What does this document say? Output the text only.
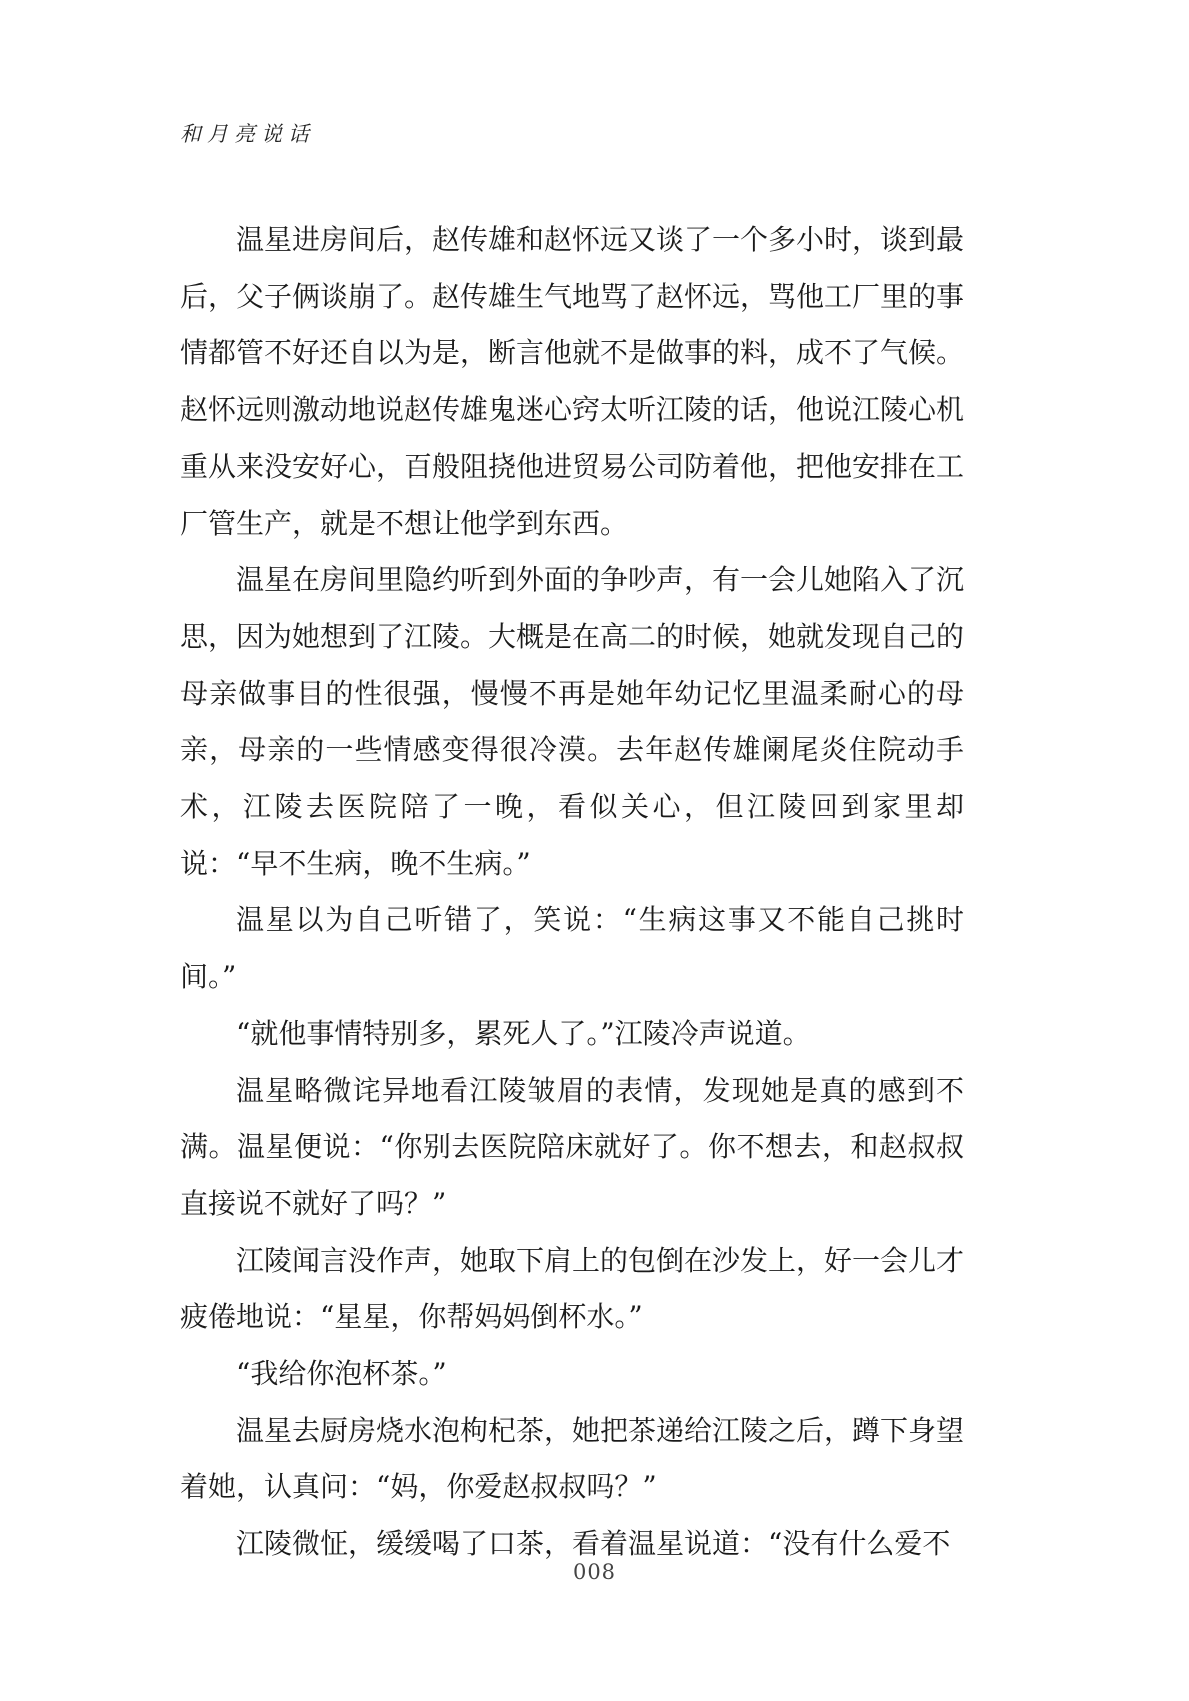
和月亮说话

温星进房间后，赵传雄和赵怀远又谈了一个多小时，谈到最后，父子俩谈崩了。赵传雄生气地骂了赵怀远，骂他工厂里的事情都管不好还自以为是，断言他就不是做事的料，成不了气候。赵怀远则激动地说赵传雄鬼迷心窍太听江陵的话，他说江陵心机重从来没安好心，百般阻挠他进贸易公司防着他，把他安排在工厂管生产，就是不想让他学到东西。

温星在房间里隐约听到外面的争吵声，有一会儿她陷入了沉思，因为她想到了江陵。大概是在高二的时候，她就发现自己的母亲做事目的性很强，慢慢不再是她年幼记忆里温柔耐心的母亲，母亲的一些情感变得很冷漠。去年赵传雄阑尾炎住院动手术，江陵去医院陪了一晚，看似关心，但江陵回到家里却说：“早不生病，晚不生病。”

温星以为自己听错了，笑说：“生病这事又不能自己挑时间。”

“就他事情特别多，累死人了。”江陵冷声说道。

温星略微诧异地看江陵皱眉的表情，发现她是真的感到不满。温星便说：“你别去医院陪床就好了。你不想去，和赵叔叔直接说不就好了吗？”

江陵闻言没作声，她取下肩上的包倒在沙发上，好一会儿才疲倦地说：“星星，你帮妈妈倒杯水。”

“我给你泡杯茶。”

温星去厨房烧水泡枸杞茶，她把茶递给江陵之后，蹲下身望着她，认真问：“妈，你爱赵叔叔吗？”

江陵微怔，缓缓喝了口茶，看着温星说道：“没有什么爱不

008
